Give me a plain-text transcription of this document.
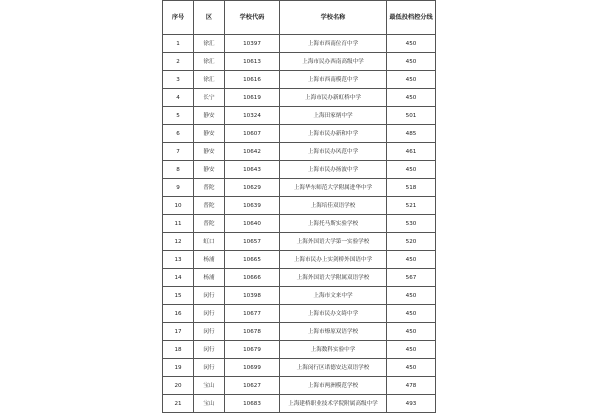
序号	区	学校代码	学校名称	最低投档控分线
1	徐汇	10397	上海市西南位育中学	450
2	徐汇	10613	上海市民办西南高级中学	450
3	徐汇	10616	上海市西南模范中学	450
4	长宁	10619	上海市民办新虹桥中学	450
5	静安	10324	上海田家炳中学	501
6	静安	10607	上海市民办新和中学	485
7	静安	10642	上海市民办风范中学	461
8	静安	10643	上海市民办扬波中学	450
9	普陀	10629	上海华东师范大学附属进华中学	518
10	普陀	10639	上海培佳双语学校	521
11	普陀	10640	上海托马斯实验学校	530
12	虹口	10657	上海外国语大学第一实验学校	520
13	杨浦	10665	上海市民办上实剑桥外国语中学	450
14	杨浦	10666	上海外国语大学附属双语学校	567
15	闵行	10398	上海市文来中学	450
16	闵行	10677	上海市民办文绮中学	450
17	闵行	10678	上海市燎原双语学校	450
18	闵行	10679	上海数科实验中学	450
19	闵行	10699	上海闵行区诺德安达双语学校	450
20	宝山	10627	上海市两洲模范学校	478
21	宝山	10683	上海建桥职业技术学院附属高级中学	493
